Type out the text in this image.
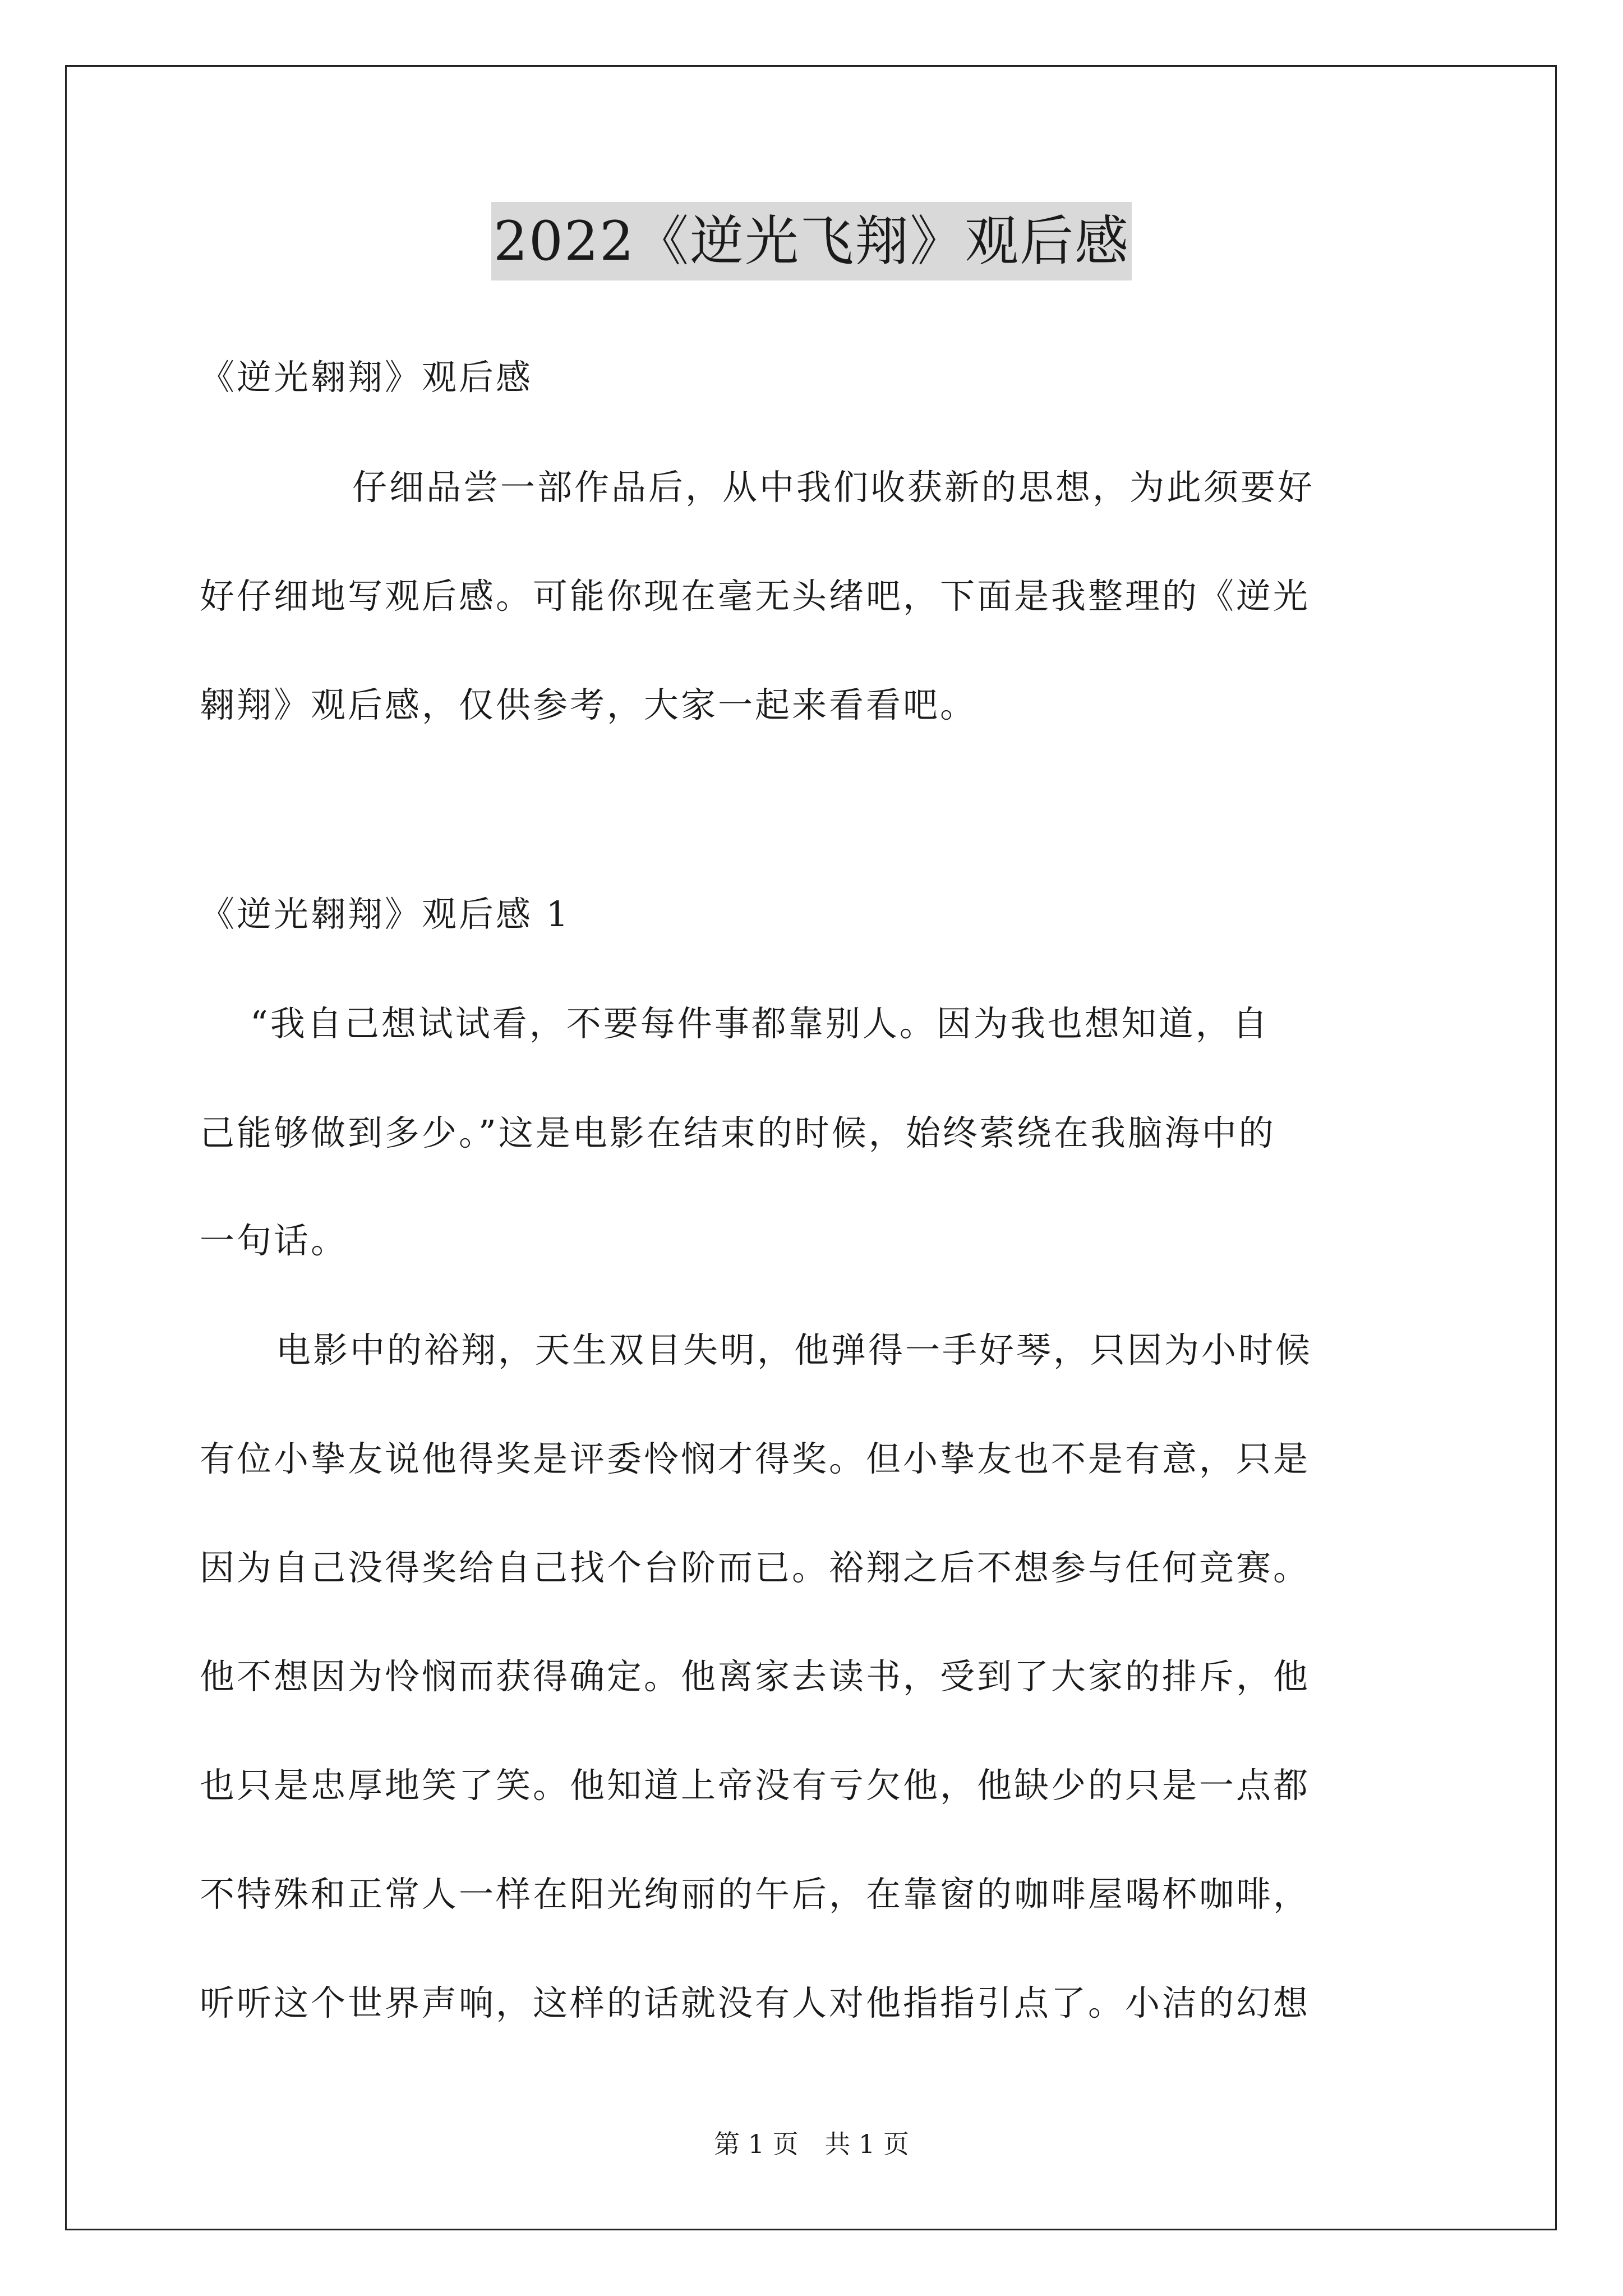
2022《逆光飞翔》观后感
《逆光翱翔》观后感
仔细品尝一部作品后，从中我们收获新的思想，为此须要好
好仔细地写观后感。可能你现在毫无头绪吧，下面是我整理的《逆光
翱翔》观后感，仅供参考，大家一起来看看吧。
《逆光翱翔》观后感 1
“我自己想试试看，不要每件事都靠别人。因为我也想知道，自
己能够做到多少。”这是电影在结束的时候，始终萦绕在我脑海中的
一句话。
电影中的裕翔，天生双目失明，他弹得一手好琴，只因为小时候
有位小挚友说他得奖是评委怜悯才得奖。但小挚友也不是有意，只是
因为自己没得奖给自己找个台阶而已。裕翔之后不想参与任何竞赛。
他不想因为怜悯而获得确定。他离家去读书，受到了大家的排斥，他
也只是忠厚地笑了笑。他知道上帝没有亏欠他，他缺少的只是一点都
不特殊和正常人一样在阳光绚丽的午后，在靠窗的咖啡屋喝杯咖啡，
听听这个世界声响，这样的话就没有人对他指指引点了。小洁的幻想
第 1 页 共 1 页
